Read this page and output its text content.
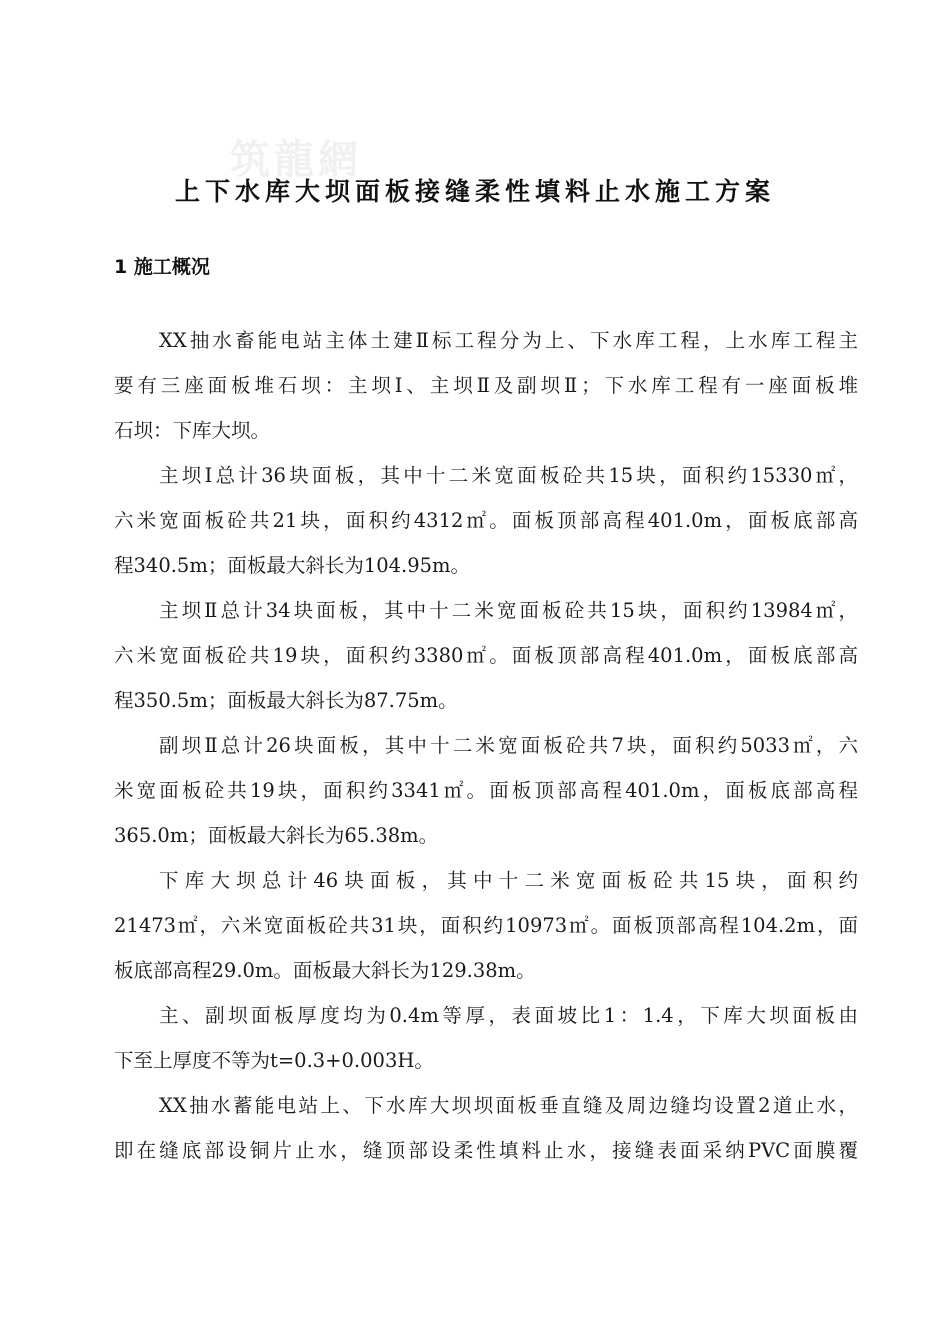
筑龍網
上下水库大坝面板接缝柔性填料止水施工方案
1 施工概况
XX抽水畜能电站主体土建Ⅱ标工程分为上、下水库工程，上水库工程主
要有三座面板堆石坝：主坝Ⅰ、主坝Ⅱ及副坝Ⅱ；下水库工程有一座面板堆
石坝：下库大坝。
主坝Ⅰ总计36块面板，其中十二米宽面板砼共15块，面积约15330㎡，
六米宽面板砼共21块，面积约4312㎡。面板顶部高程401.0m，面板底部高
程340.5m；面板最大斜长为104.95m。
主坝Ⅱ总计34块面板，其中十二米宽面板砼共15块，面积约13984㎡，
六米宽面板砼共19块，面积约3380㎡。面板顶部高程401.0m，面板底部高
程350.5m；面板最大斜长为87.75m。
副坝Ⅱ总计26块面板，其中十二米宽面板砼共7块，面积约5033㎡，六
米宽面板砼共19块，面积约3341㎡。面板顶部高程401.0m，面板底部高程
365.0m；面板最大斜长为65.38m。
下库大坝总计46块面板，其中十二米宽面板砼共15块，面积约
21473㎡，六米宽面板砼共31块，面积约10973㎡。面板顶部高程104.2m，面
板底部高程29.0m。面板最大斜长为129.38m。
主、副坝面板厚度均为0.4m等厚，表面坡比1：1.4，下库大坝面板由
下至上厚度不等为t=0.3+0.003H。
XX抽水蓄能电站上、下水库大坝坝面板垂直缝及周边缝均设置2道止水，
即在缝底部设铜片止水，缝顶部设柔性填料止水，接缝表面采纳PVC面膜覆
